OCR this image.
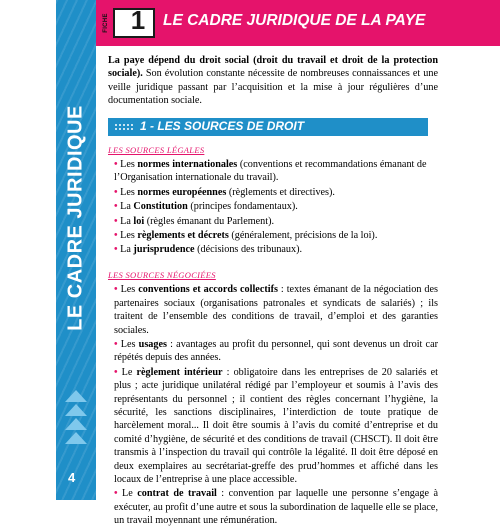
FICHE 1	LE CADRE JURIDIQUE DE LA PAYE
LE CADRE JURIDIQUE
4

La paye dépend du droit social (droit du travail et droit de la protection sociale). Son évolution constante nécessite de nombreuses connaissances et une veille juridique passant par l’acquisition et la mise à jour régulières d’une documentation sociale.

1 - LES SOURCES DE DROIT
LES SOURCES LÉGALES
• Les normes internationales (conventions et recommandations émanant de l’Organisation internationale du travail).
• Les normes européennes (règlements et directives).
• La Constitution (principes fondamentaux).
• La loi (règles émanant du Parlement).
• Les règlements et décrets (généralement, précisions de la loi).
• La jurisprudence (décisions des tribunaux).
LES SOURCES NÉGOCIÉES
• Les conventions et accords collectifs : textes émanant de la négociation des partenaires sociaux (organisations patronales et syndicats de salariés) ; ils traitent de l’ensemble des conditions de travail, d’emploi et des garanties sociales.
• Les usages : avantages au profit du personnel, qui sont devenus un droit car répétés depuis des années.
• Le règlement intérieur : obligatoire dans les entreprises de 20 salariés et plus ; acte juridique unilatéral rédigé par l’employeur et soumis à l’avis des représentants du personnel ; il contient des règles concernant l’hygiène, la sécurité, les sanctions disciplinaires, l’interdiction de toute pratique de harcèlement moral... Il doit être soumis à l’avis du comité d’entreprise et du comité d’hygiène, de sécurité et des conditions de travail (CHSCT). Il doit être transmis à l’inspection du travail qui contrôle la légalité. Il doit être déposé en deux exemplaires au secrétariat-greffe des prud’hommes et affiché dans les locaux de l’entreprise à une place accessible.
• Le contrat de travail : convention par laquelle une personne s’engage à exécuter, au profit d’une autre et sous la subordination de laquelle elle se place, un travail moyennant une rémunération.
